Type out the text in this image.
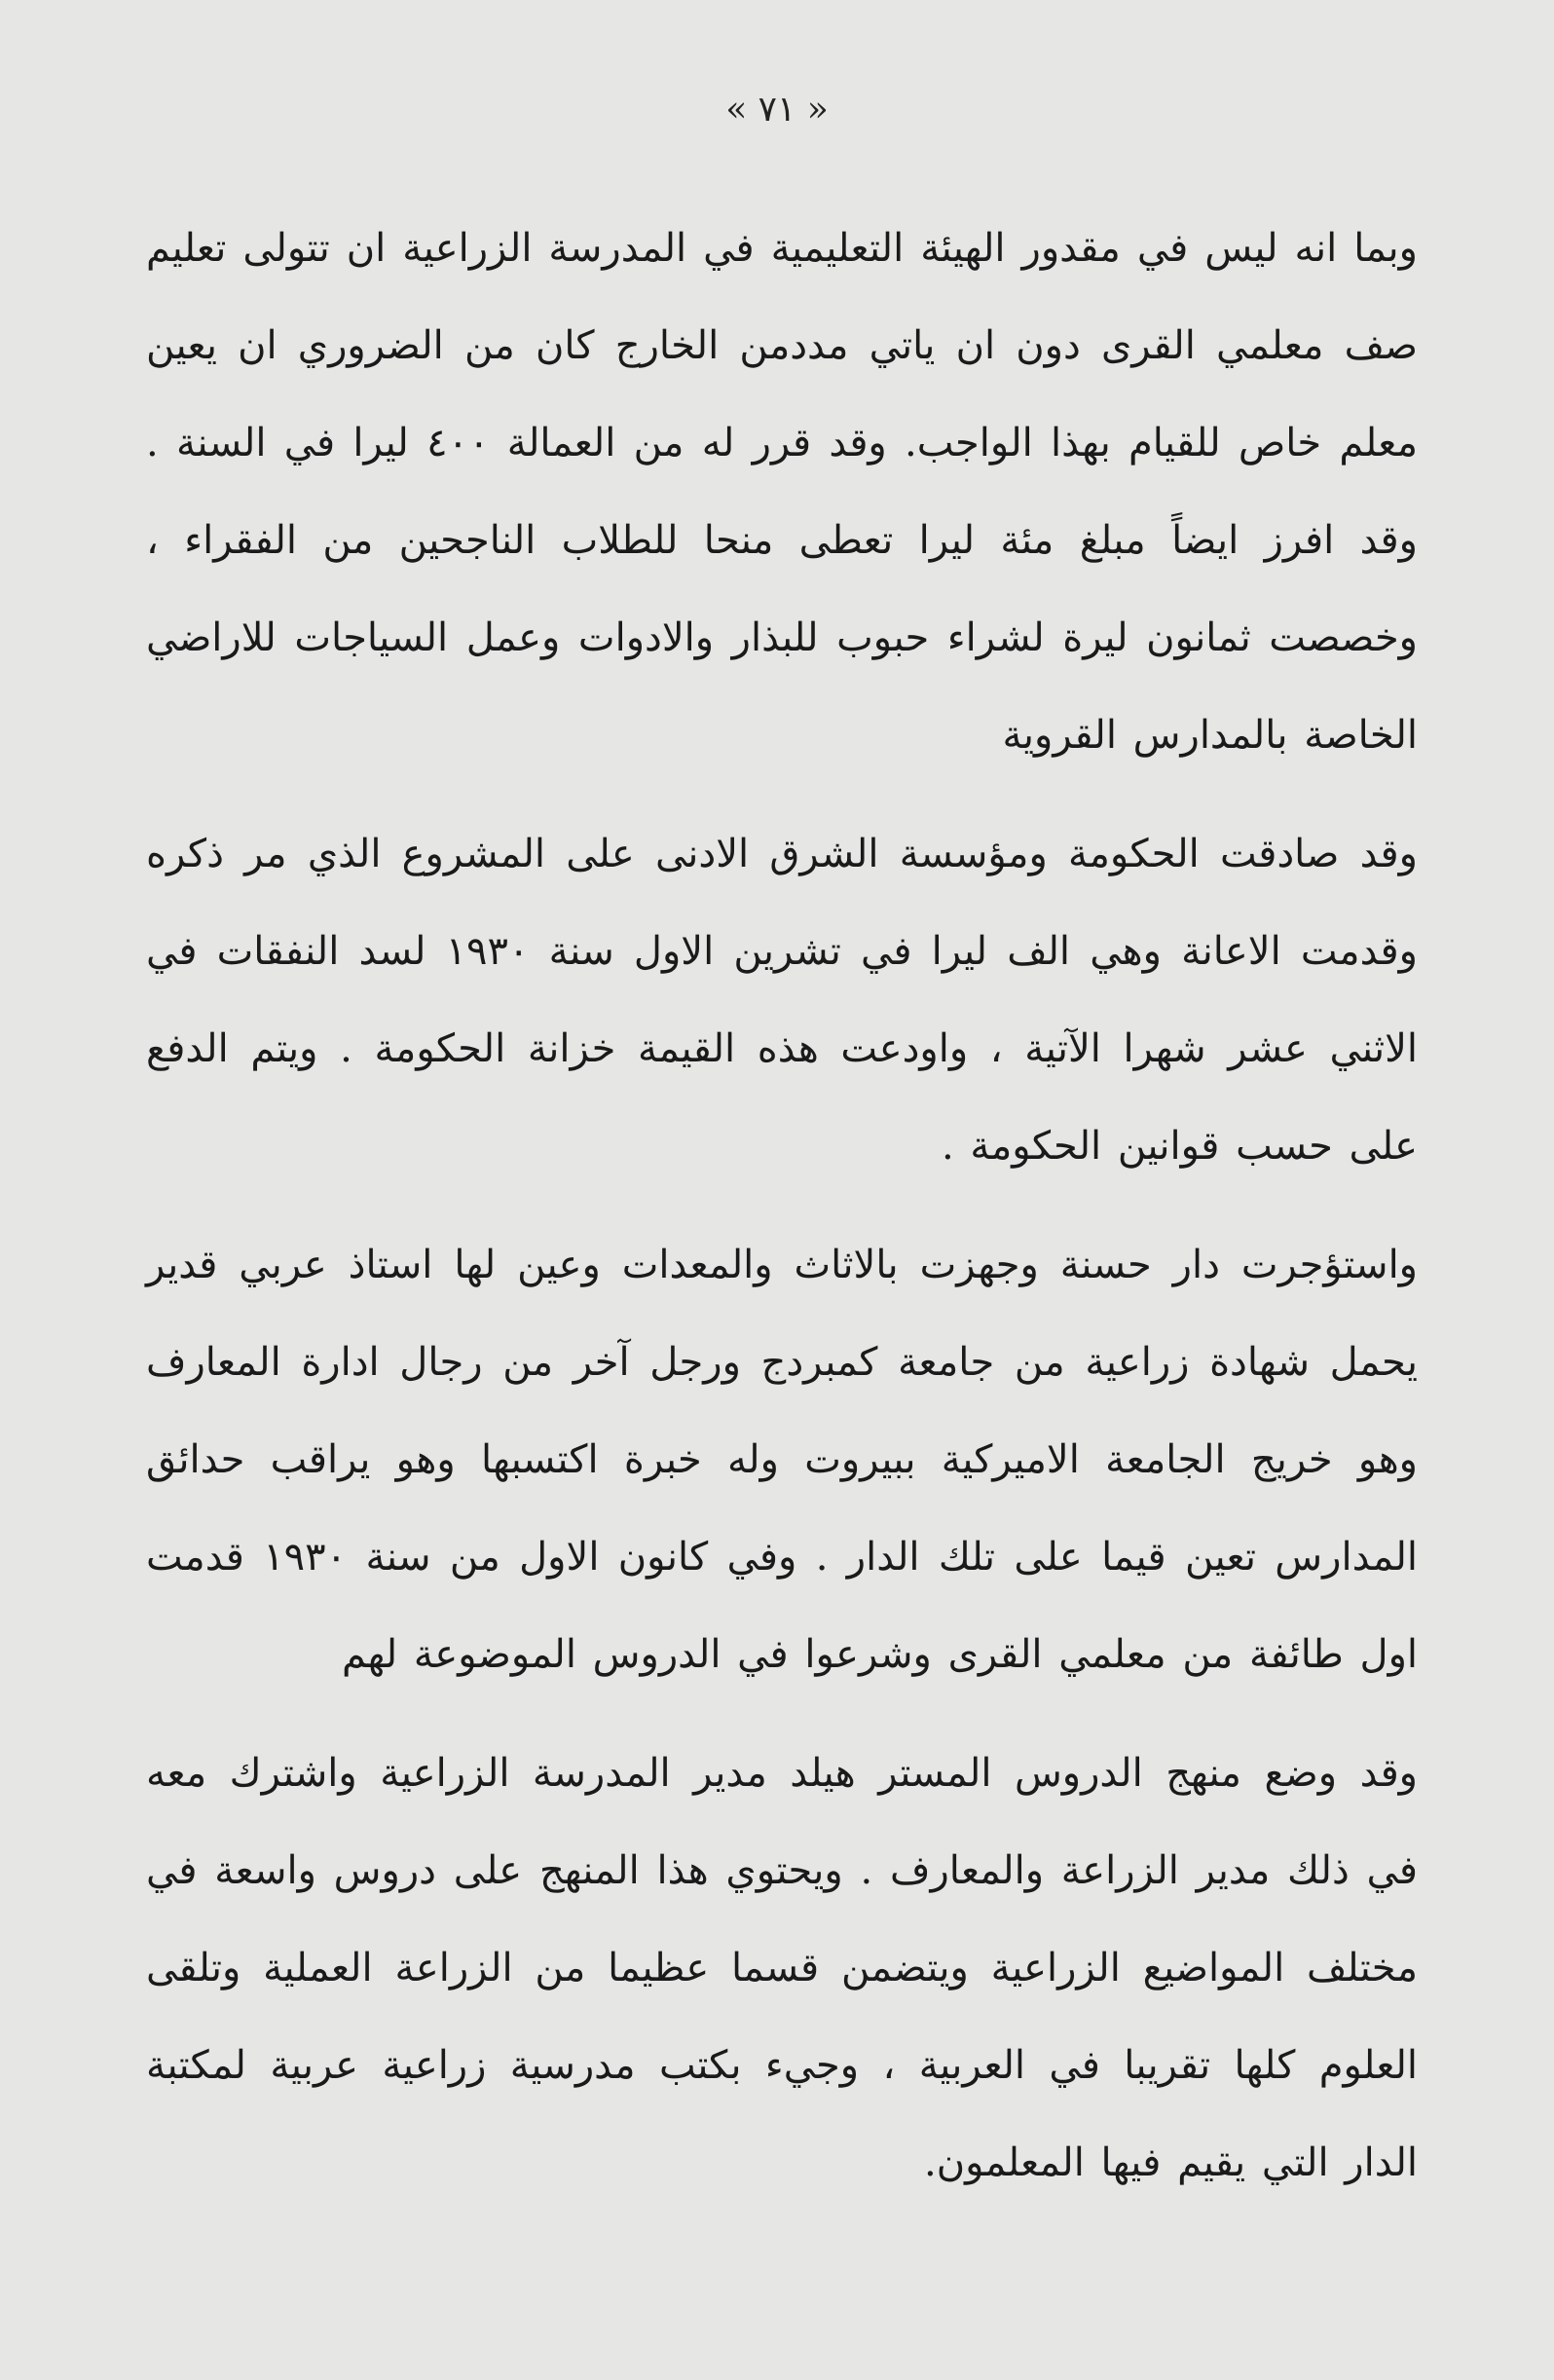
« ٧١ »

وبما انه ليس في مقدور الهيئة التعليمية في المدرسة الزراعية ان تتولى تعليم صف معلمي القرى دون ان ياتي مددمن الخارج كان من الضروري ان يعين معلم خاص للقيام بهذا الواجب. وقد قرر له من العمالة ٤٠٠ ليرا في السنة . وقد افرز ايضاً مبلغ مئة ليرا تعطى منحا للطلاب الناجحين من الفقراء ، وخصصت ثمانون ليرة لشراء حبوب للبذار والادوات وعمل السياجات للاراضي الخاصة بالمدارس القروية

وقد صادقت الحكومة ومؤسسة الشرق الادنى على المشروع الذي مر ذكره وقدمت الاعانة وهي الف ليرا في تشرين الاول سنة ١٩٣٠ لسد النفقات في الاثني عشر شهرا الآتية ، واودعت هذه القيمة خزانة الحكومة . ويتم الدفع على حسب قوانين الحكومة .

واستؤجرت دار حسنة وجهزت بالاثاث والمعدات وعين لها استاذ عربي قدير يحمل شهادة زراعية من جامعة كمبردج ورجل آخر من رجال ادارة المعارف وهو خريج الجامعة الاميركية ببيروت وله خبرة اكتسبها وهو يراقب حدائق المدارس تعين قيما على تلك الدار . وفي كانون الاول من سنة ١٩٣٠ قدمت اول طائفة من معلمي القرى وشرعوا في الدروس الموضوعة لهم

وقد وضع منهج الدروس المستر هيلد مدير المدرسة الزراعية واشترك معه في ذلك مدير الزراعة والمعارف . ويحتوي هذا المنهج على دروس واسعة في مختلف المواضيع الزراعية ويتضمن قسما عظيما من الزراعة العملية وتلقى العلوم كلها تقريبا في العربية ، وجيء بكتب مدرسية زراعية عربية لمكتبة الدار التي يقيم فيها المعلمون.
